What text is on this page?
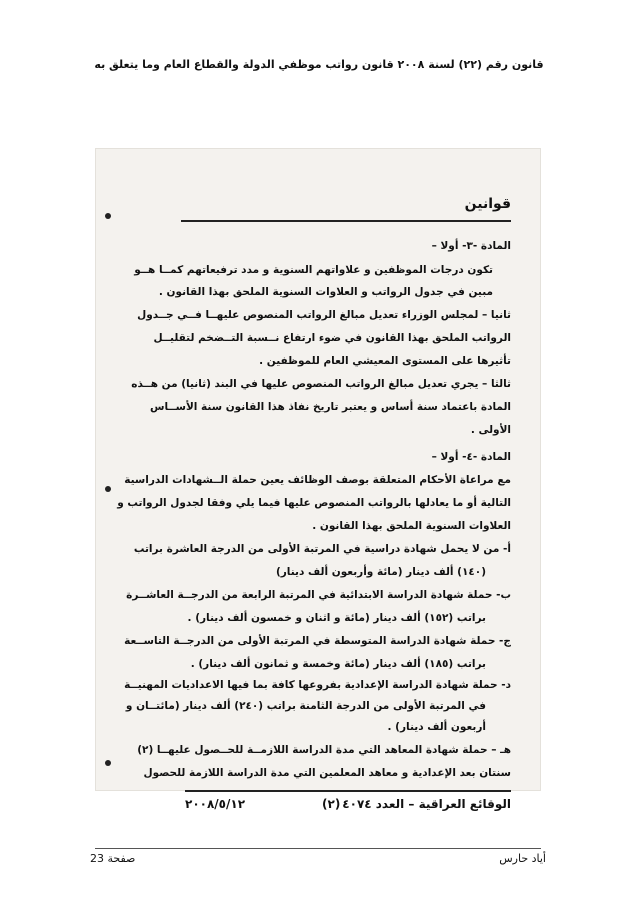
قانون رقم (٢٢) لسنة ٢٠٠٨ قانون رواتب موظفي الدولة والقطاع العام وما يتعلق به
قوانين
المادة -٣- أولا –
تكون درجات الموظفين و علاواتهم السنوية و مدد ترفيعاتهم كمــا هــو
مبين في جدول الرواتب و العلاوات السنوية الملحق بهذا القانون .
ثانيا – لمجلس الوزراء تعديل مبالغ الرواتب المنصوص عليهــا فــي جــدول
الرواتب الملحق بهذا القانون في ضوء ارتفاع نــسبة التــضخم لتقليــل
تأثيرها على المستوى المعيشي العام للموظفين .
ثالثا – يجري تعديل مبالغ الرواتب المنصوص عليها في البند (ثانيا) من هــذه
المادة باعتماد سنة أساس و يعتبر تاريخ نفاذ هذا القانون سنة الأســاس
الأولى .
المادة -٤- أولا –
مع مراعاة الأحكام المتعلقة بوصف الوظائف يعين حملة الــشهادات الدراسية
التالية أو ما يعادلها بالرواتب المنصوص عليها فيما يلي وفقا لجدول الرواتب و
العلاوات السنوية الملحق بهذا القانون .
أ- من لا يحمل شهادة دراسية في المرتبة الأولى من الدرجة العاشرة براتب
(١٤٠) ألف دينار (مائة وأربعون ألف دينار)
ب- حملة شهادة الدراسة الابتدائية في المرتبة الرابعة من الدرجــة العاشــرة
براتب (١٥٢) ألف دينار (مائة و اثنان و خمسون ألف دينار) .
ج- حملة شهادة الدراسة المتوسطة في المرتبة الأولى من الدرجــة التاســعة
براتب (١٨٥) ألف دينار (مائة وخمسة و ثمانون ألف دينار) .
د- حملة شهادة الدراسة الإعدادية بفروعها كافة بما فيها الاعداديات المهنيــة
في المرتبة الأولى من الدرجة الثامنة براتب (٢٤٠) ألف دينار (مائتــان و
أربعون ألف دينار) .
هـ – حملة شهادة المعاهد التي مدة الدراسة اللازمــة للحــصول عليهــا (٢)
سنتان بعد الإعدادية و معاهد المعلمين التي مدة الدراسة اللازمة للحصول
الوقائع العراقية – العدد ٤٠٧٤
(٢)
٢٠٠٨/٥/١٢
صفحة 23	أياد حارس
